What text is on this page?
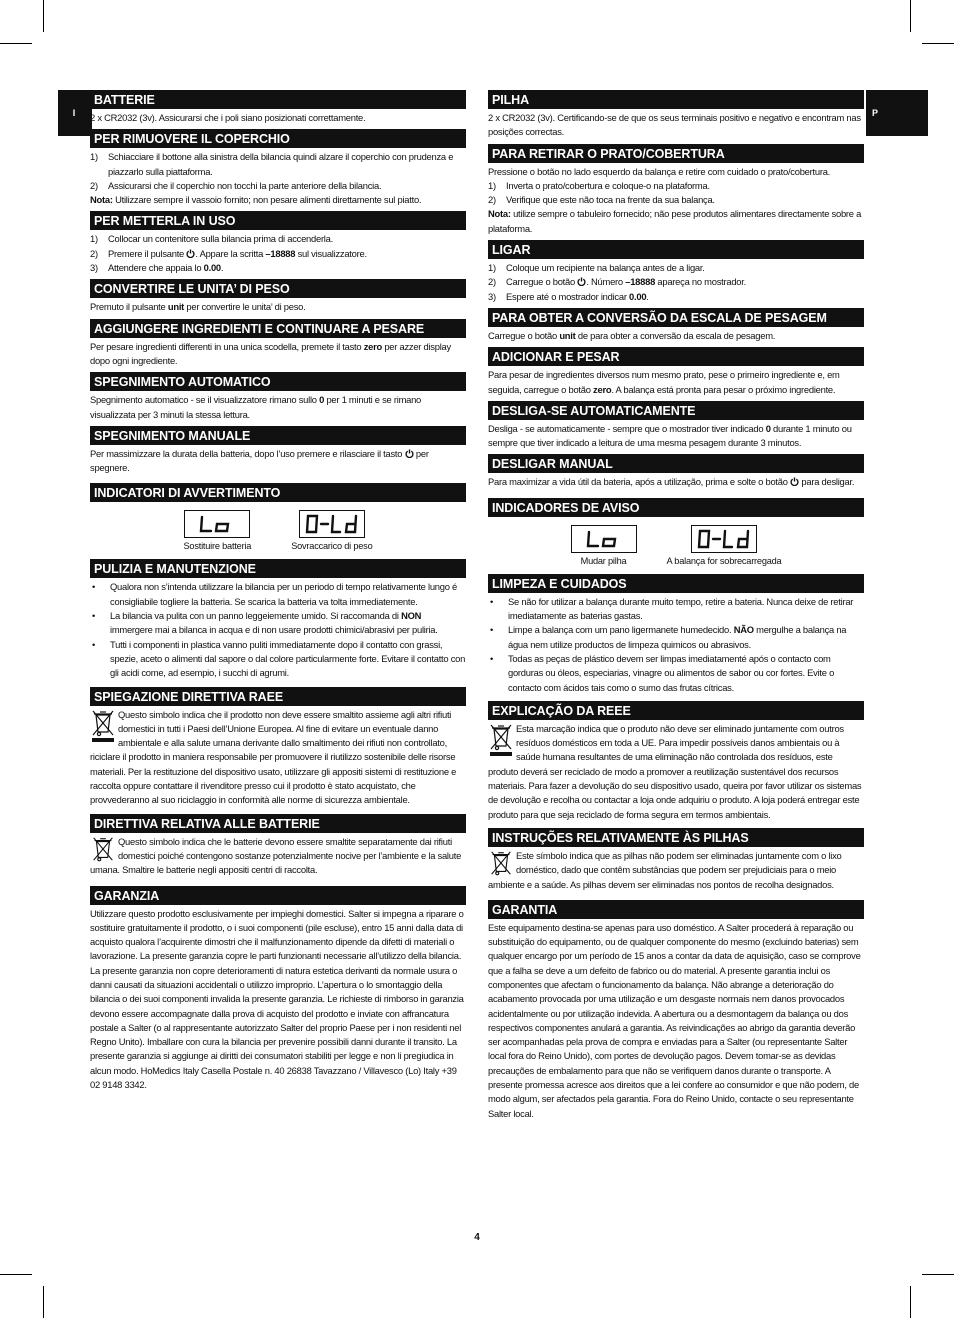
I	P
BATTERIE

2 x CR2032 (3v). Assicurarsi che i poli siano posizionati correttamente.

PER RIMUOVERE IL COPERCHIO
1)	Schiacciare il bottone alla sinistra della bilancia quindi alzare il coperchio con prudenza e piazzarlo sulla piattaforma.
2)	Assicurarsi che il coperchio non tocchi la parte anteriore della bilancia.

Nota: Utilizzare sempre il vassoio fornito; non pesare alimenti direttamente sul piatto.

PER METTERLA IN USO
1)	Collocar un contenitore sulla bilancia prima di accenderla.
2)	Premere il pulsante . Appare la scritta –18888 sul visualizzatore.
3)	Attendere che appaia lo 0.00.
CONVERTIRE LE UNITA’ DI PESO

Premuto il pulsante unit per convertire le unita’ di peso.

AGGIUNGERE INGREDIENTI E CONTINUARE A PESARE

Per pesare ingredienti differenti in una unica scodella, premete il tasto zero per azzer display dopo ogni ingrediente.

SPEGNIMENTO AUTOMATICO

Spegnimento automatico - se il visualizzatore rimano sullo 0 per 1 minuti e se rimano visualizzata per 3 minuti la stessa lettura.

SPEGNIMENTO MANUALE

Per massimizzare la durata della batteria, dopo l’uso premere e rilasciare il tasto  per spegnere.

INDICATORI DI AVVERTIMENTO
Sostituire batteria	Sovraccarico di peso
PULIZIA E MANUTENZIONE
•	Qualora non s’intenda utilizzare la bilancia per un periodo di tempo relativamente lungo é consigliabile togliere la batteria. Se scarica la batteria va tolta immediatemente.
•	La bilancia va pulita con un panno leggeiemente umido. Si raccomanda di NON immergere mai a bilanca in acqua e di non usare prodotti chimici/abrasivi per puliria.
•	Tutti i componenti in plastica vanno puliti immediatamente dopo il contatto con grassi, spezie, aceto o alimenti dal sapore o dal colore particularmente forte. Evitare il contatto con gli acidi come, ad esempio, i succhi di agrumi.
SPIEGAZIONE DIRETTIVA RAEE

Questo simbolo indica che il prodotto non deve essere smaltito assieme agli altri rifiuti domestici in tutti i Paesi dell’Unione Europea. Al fine di evitare un eventuale danno ambientale e alla salute umana derivante dallo smaltimento dei rifiuti non controllato, riciclare il prodotto in maniera responsabile per promuovere il riutilizzo sostenibile delle risorse materiali. Per la restituzione del dispositivo usato, utilizzare gli appositi sistemi di restituzione e raccolta oppure contattare il rivenditore presso cui il prodotto è stato acquistato, che provvederanno al suo riciclaggio in conformità alle norme di sicurezza ambientale.

DIRETTIVA RELATIVA ALLE BATTERIE

Questo simbolo indica che le batterie devono essere smaltite separatamente dai rifiuti domestici poiché contengono sostanze potenzialmente nocive per l’ambiente e la salute umana. Smaltire le batterie negli appositi centri di raccolta.

GARANZIA

Utilizzare questo prodotto esclusivamente per impieghi domestici. Salter si impegna a riparare o sostituire gratuitamente il prodotto, o i suoi componenti (pile escluse), entro 15 anni dalla data di acquisto qualora l’acquirente dimostri che il malfunzionamento dipende da difetti di materiali o lavorazione. La presente garanzia copre le parti funzionanti necessarie all’utilizzo della bilancia. La presente garanzia non copre deterioramenti di natura estetica derivanti da normale usura o danni causati da situazioni accidentali o utilizzo improprio. L’apertura o lo smontaggio della bilancia o dei suoi componenti invalida la presente garanzia. Le richieste di rimborso in garanzia devono essere accompagnate dalla prova di acquisto del prodotto e inviate con affrancatura postale a Salter (o al rappresentante autorizzato Salter del proprio Paese per i non residenti nel Regno Unito). Imballare con cura la bilancia per prevenire possibili danni durante il transito. La presente garanzia si aggiunge ai diritti dei consumatori stabiliti per legge e non li pregiudica in alcun modo. HoMedics Italy Casella Postale n. 40 26838 Tavazzano / Villavesco (Lo) Italy +39 02 9148 3342.

PILHA

2 x CR2032 (3v). Certificando-se de que os seus terminais positivo e negativo e encontram nas posições correctas.

PARA RETIRAR O PRATO/COBERTURA

Pressione o botão no lado esquerdo da balança e retire com cuidado o prato/cobertura.

1)	Inverta o prato/cobertura e coloque-o na plataforma.
2)	Verifique que este não toca na frente da sua balança.

Nota: utilize sempre o tabuleiro fornecido; não pese produtos alimentares directamente sobre a plataforma.

LIGAR
1)	Coloque um recipiente na balança antes de a ligar.
2)	Carregue o botão . Número –18888 apareça no mostrador.
3)	Espere até o mostrador indicar 0.00.
PARA OBTER A CONVERSÃO DA ESCALA DE PESAGEM

Carregue o botão unit de para obter a conversão da escala de pesagem.

ADICIONAR E PESAR

Para pesar de ingredientes diversos num mesmo prato, pese o primeiro ingrediente e, em seguida, carregue o botão zero. A balança está pronta para pesar o próximo ingrediente.

DESLIGA-SE AUTOMATICAMENTE

Desliga - se automaticamente - sempre que o mostrador tiver indicado 0 durante 1 minuto ou sempre que tiver indicado a leitura de uma mesma pesagem durante 3 minutos.

DESLIGAR MANUAL

Para maximizar a vida útil da bateria, após a utilização, prima e solte o botão  para desligar.

INDICADORES DE AVISO
Mudar pilha	A balança for sobrecarregada
LIMPEZA E CUIDADOS
•	Se não for utilizar a balança durante muito tempo, retire a bateria. Nunca deixe de retirar imediatamente as baterias gastas.
•	Limpe a balança com um pano ligermanete humedecido. NÃO mergulhe a balança na água nem utilize productos de limpeza quimicos ou abrasivos.
•	Todas as peças de plástico devem ser limpas imediatamenté após o contacto com gorduras ou óleos, especiarias, vinagre ou alimentos de sabor ou cor fortes. Evite o contacto com ácidos tais como o sumo das frutas cítricas.
EXPLICAÇÃO DA REEE

Esta marcação indica que o produto não deve ser eliminado juntamente com outros resíduos domésticos em toda a UE. Para impedir possíveis danos ambientais ou à saúde humana resultantes de uma eliminação não controlada dos resíduos, este produto deverá ser reciclado de modo a promover a reutilização sustentável dos recursos materiais. Para fazer a devolução do seu dispositivo usado, queira por favor utilizar os sistemas de devolução e recolha ou contactar a loja onde adquiriu o produto. A loja poderá entregar este produto para que seja reciclado de forma segura em termos ambientais.

INSTRUÇÕES RELATIVAMENTE ÀS PILHAS

Este símbolo indica que as pilhas não podem ser eliminadas juntamente com o lixo doméstico, dado que contêm substâncias que podem ser prejudiciais para o meio ambiente e a saúde. As pilhas devem ser eliminadas nos pontos de recolha designados.

GARANTIA

Este equipamento destina-se apenas para uso doméstico. A Salter procederá à reparação ou substituição do equipamento, ou de qualquer componente do mesmo (excluindo baterias) sem qualquer encargo por um período de 15 anos a contar da data de aquisição, caso se comprove que a falha se deve a um defeito de fabrico ou do material. A presente garantia inclui os componentes que afectam o funcionamento da balança. Não abrange a deterioração do acabamento provocada por uma utilização e um desgaste normais nem danos provocados acidentalmente ou por utilização indevida. A abertura ou a desmontagem da balança ou dos respectivos componentes anulará a garantia. As reivindicações ao abrigo da garantia deverão ser acompanhadas pela prova de compra e enviadas para a Salter (ou representante Salter local fora do Reino Unido), com portes de devolução pagos. Devem tomar-se as devidas precauções de embalamento para que não se verifiquem danos durante o transporte. A presente promessa acresce aos direitos que a lei confere ao consumidor e que não podem, de modo algum, ser afectados pela garantia. Fora do Reino Unido, contacte o seu representante Salter local.

4
